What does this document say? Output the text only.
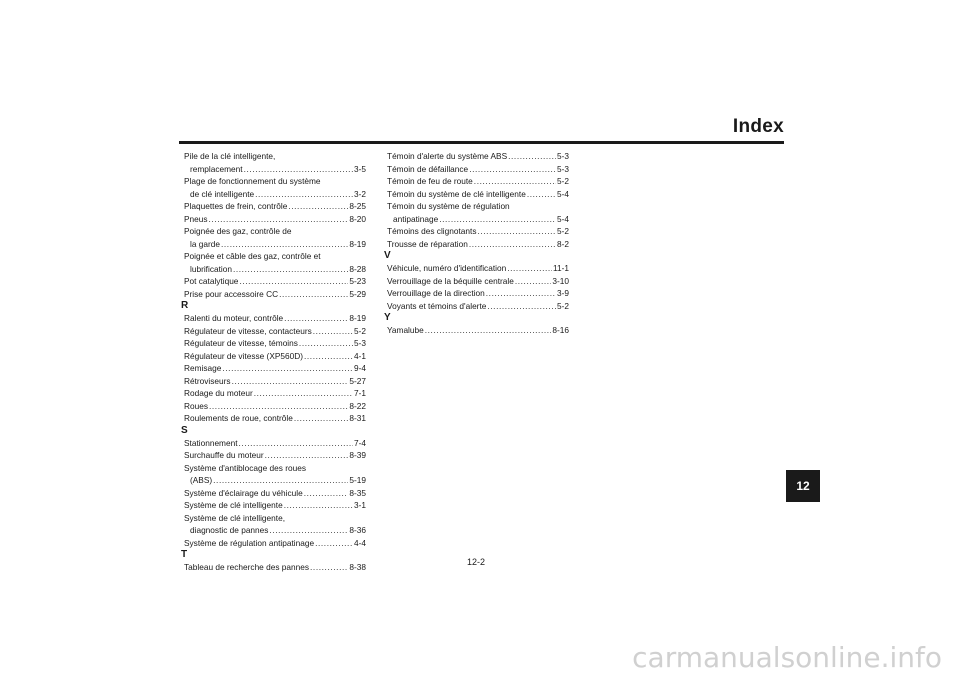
Index
Pile de la clé intelligente,
remplacement .....	3-5
Plage de fonctionnement du système
de clé intelligente .....	3-2
Plaquettes de frein, contrôle .....	8-25
Pneus .....	8-20
Poignée des gaz, contrôle de
la garde .....	8-19
Poignée et câble des gaz, contrôle et
lubrification .....	8-28
Pot catalytique .....	5-23
Prise pour accessoire CC .....	5-29
R
Ralenti du moteur, contrôle .....	8-19
Régulateur de vitesse, contacteurs .....	5-2
Régulateur de vitesse, témoins .....	5-3
Régulateur de vitesse (XP560D) .....	4-1
Remisage .....	9-4
Rétroviseurs .....	5-27
Rodage du moteur .....	7-1
Roues .....	8-22
Roulements de roue, contrôle .....	8-31
S
Stationnement .....	7-4
Surchauffe du moteur .....	8-39
Système d'antiblocage des roues
(ABS) .....	5-19
Système d'éclairage du véhicule .....	8-35
Système de clé intelligente .....	3-1
Système de clé intelligente,
diagnostic de pannes .....	8-36
Système de régulation antipatinage .....	4-4
T
Tableau de recherche des pannes .....	8-38
Témoin d'alerte du système ABS .....	5-3
Témoin de défaillance .....	5-3
Témoin de feu de route .....	5-2
Témoin du système de clé intelligente .....	5-4
Témoin du système de régulation
antipatinage .....	5-4
Témoins des clignotants .....	5-2
Trousse de réparation .....	8-2
V
Véhicule, numéro d'identification .....	11-1
Verrouillage de la béquille centrale .....	3-10
Verrouillage de la direction .....	3-9
Voyants et témoins d'alerte .....	5-2
Y
Yamalube .....	8-16
12
12-2
carmanualsonline.info
